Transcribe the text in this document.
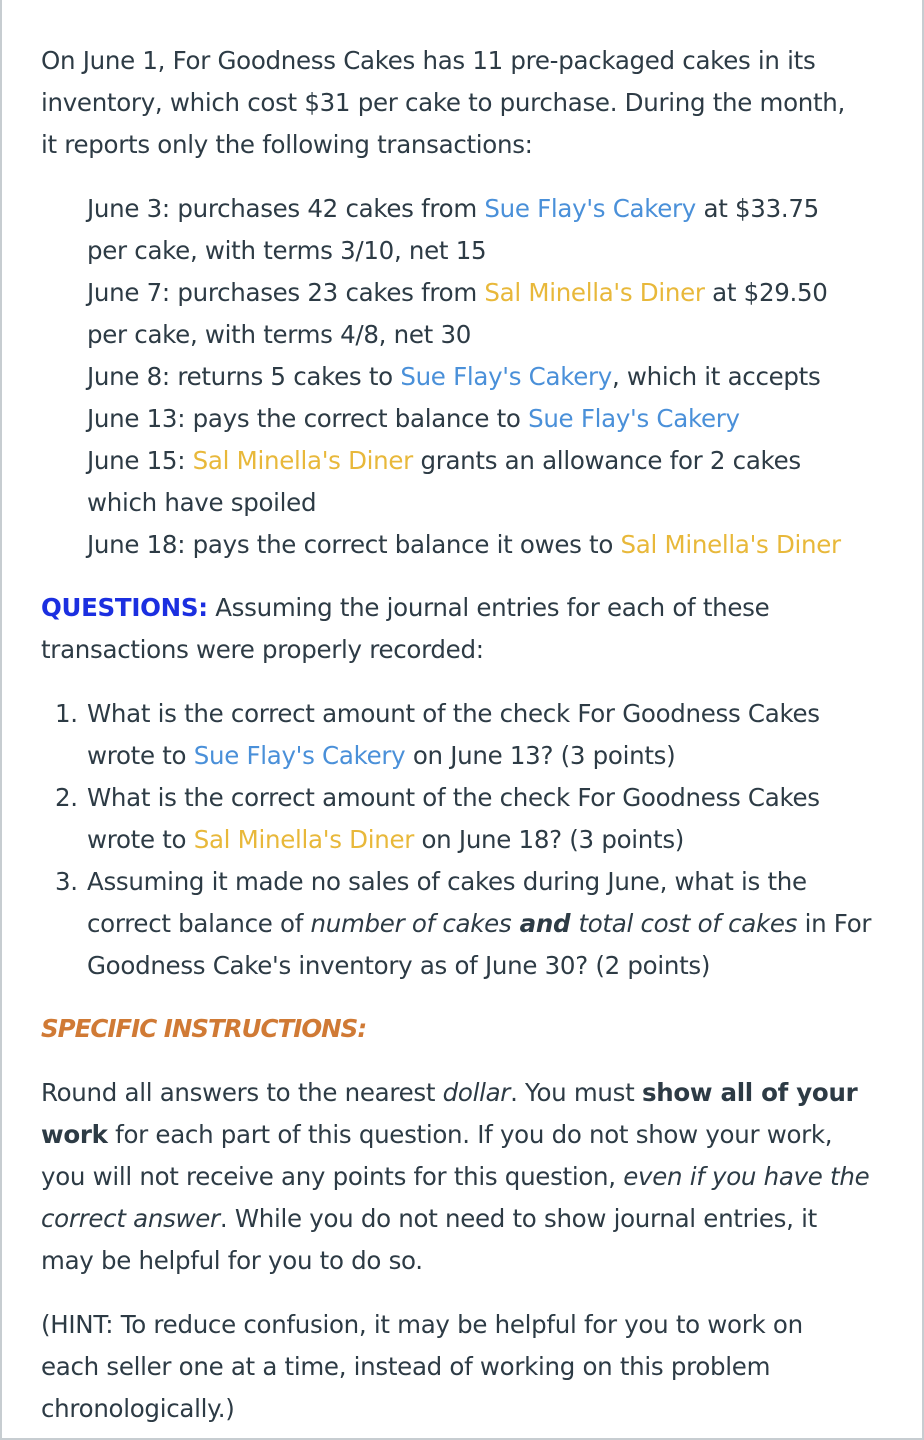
On June 1, For Goodness Cakes has 11 pre-packaged cakes in its
inventory, which cost $31 per cake to purchase. During the month,
it reports only the following transactions:

June 3: purchases 42 cakes from Sue Flay's Cakery at $33.75
per cake, with terms 3/10, net 15
June 7: purchases 23 cakes from Sal Minella's Diner at $29.50
per cake, with terms 4/8, net 30
June 8: returns 5 cakes to Sue Flay's Cakery, which it accepts
June 13: pays the correct balance to Sue Flay's Cakery
June 15: Sal Minella's Diner grants an allowance for 2 cakes
which have spoiled
June 18: pays the correct balance it owes to Sal Minella's Diner

QUESTIONS: Assuming the journal entries for each of these
transactions were properly recorded:

1. What is the correct amount of the check For Goodness Cakes
wrote to Sue Flay's Cakery on June 13? (3 points)
2. What is the correct amount of the check For Goodness Cakes
wrote to Sal Minella's Diner on June 18? (3 points)
3. Assuming it made no sales of cakes during June, what is the
correct balance of number of cakes and total cost of cakes in For
Goodness Cake's inventory as of June 30? (2 points)

SPECIFIC INSTRUCTIONS:

Round all answers to the nearest dollar. You must show all of your
work for each part of this question. If you do not show your work,
you will not receive any points for this question, even if you have the
correct answer. While you do not need to show journal entries, it
may be helpful for you to do so.

(HINT: To reduce confusion, it may be helpful for you to work on
each seller one at a time, instead of working on this problem
chronologically.)
